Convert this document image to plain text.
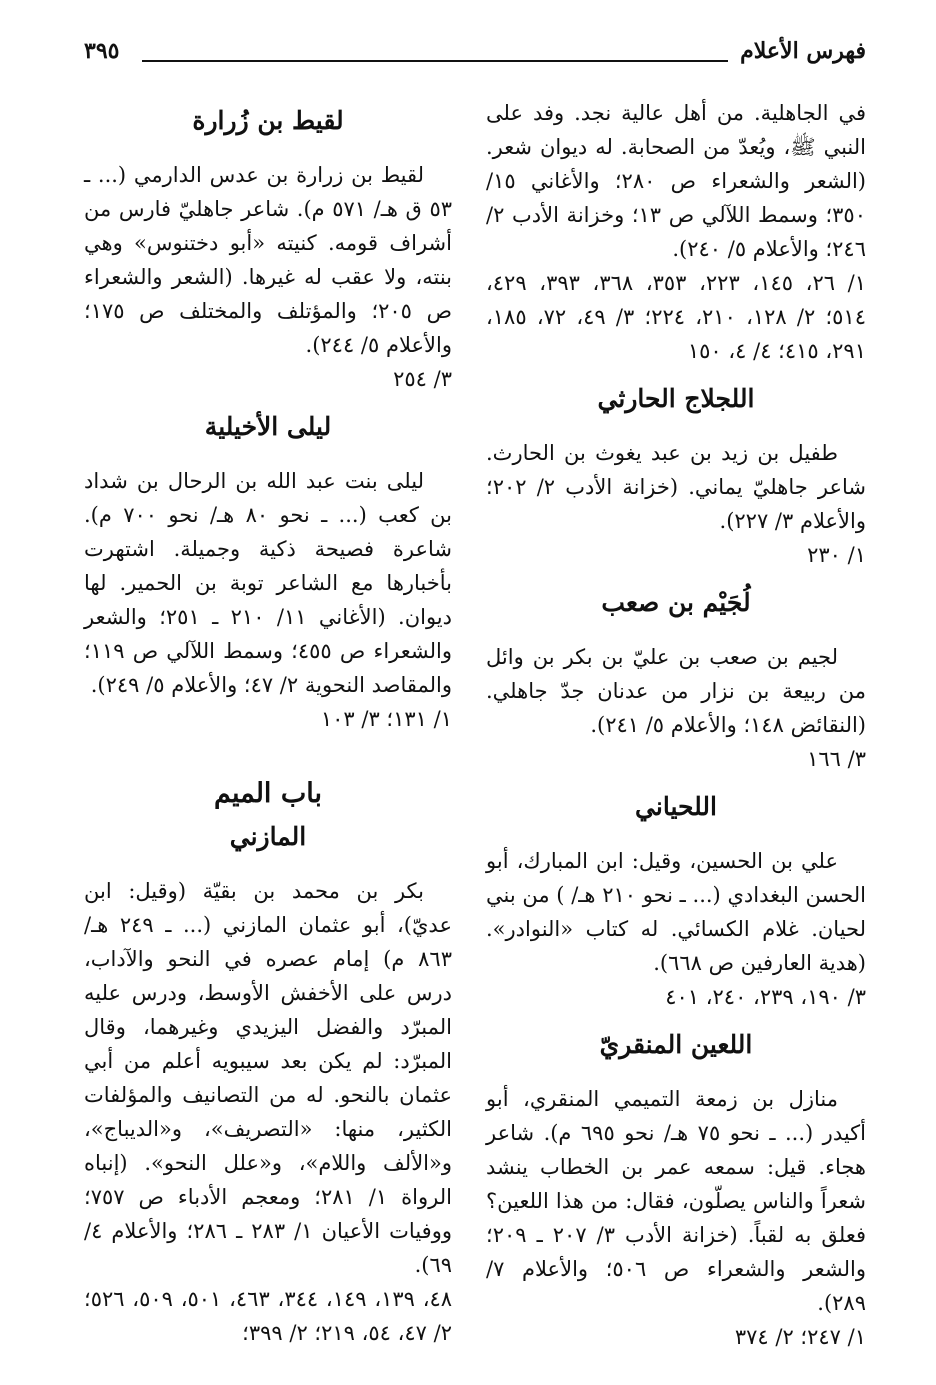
فهرس الأعلام
٣٩٥
في الجاهلية. من أهل عالية نجد. وفد على النبي ﷺ، ويُعدّ من الصحابة. له ديوان شعر. (الشعر والشعراء ص ٢٨٠؛ والأغاني ١٥/ ٣٥٠؛ وسمط اللآلي ص ١٣؛ وخزانة الأدب ٢/ ٢٤٦؛ والأعلام ٥/ ٢٤٠).
١/ ٢٦، ١٤٥، ٢٢٣، ٣٥٣، ٣٦٨، ٣٩٣، ٤٢٩، ٥١٤؛ ٢/ ١٢٨، ٢١٠، ٢٢٤؛ ٣/ ٤٩، ٧٢، ١٨٥، ٢٩١، ٤١٥؛ ٤/ ٤، ١٥٠
اللجلاج الحارثي
طفيل بن زيد بن عبد يغوث بن الحارث. شاعر جاهليّ يماني. (خزانة الأدب ٢/ ٢٠٢؛ والأعلام ٣/ ٢٢٧).
١/ ٢٣٠
لُجَيْم بن صعب
لجيم بن صعب بن عليّ بن بكر بن وائل من ربيعة بن نزار من عدنان جدّ جاهلي. (النقائض ١٤٨؛ والأعلام ٥/ ٢٤١).
٣/ ١٦٦
اللحياني
علي بن الحسين، وقيل: ابن المبارك، أبو الحسن البغدادي (... ـ نحو ٢١٠ هـ/ ) من بني لحيان. غلام الكسائي. له كتاب «النوادر». (هدية العارفين ص ٦٦٨).
٣/ ١٩٠، ٢٣٩، ٢٤٠، ٤٠١
اللعين المنقريّ
منازل بن زمعة التميمي المنقري، أبو أكيدر (... ـ نحو ٧٥ هـ/ نحو ٦٩٥ م). شاعر هجاء. قيل: سمعه عمر بن الخطاب ينشد شعراً والناس يصلّون، فقال: من هذا اللعين؟ فعلق به لقباً. (خزانة الأدب ٣/ ٢٠٧ ـ ٢٠٩؛ والشعر والشعراء ص ٥٠٦؛ والأعلام ٧/ ٢٨٩).
١/ ٢٤٧؛ ٢/ ٣٧٤
لقيط بن زُرارة
لقيط بن زرارة بن عدس الدارمي (... ـ ٥٣ ق هـ/ ٥٧١ م). شاعر جاهليّ فارس من أشراف قومه. كنيته «أبو دختنوس» وهي بنته، ولا عقب له غيرها. (الشعر والشعراء ص ٢٠٥؛ والمؤتلف والمختلف ص ١٧٥؛ والأعلام ٥/ ٢٤٤).
٣/ ٢٥٤
ليلى الأخيلية
ليلى بنت عبد الله بن الرحال بن شداد بن كعب (... ـ نحو ٨٠ هـ/ نحو ٧٠٠ م). شاعرة فصيحة ذكية وجميلة. اشتهرت بأخبارها مع الشاعر توبة بن الحمير. لها ديوان. (الأغاني ١١/ ٢١٠ ـ ٢٥١؛ والشعر والشعراء ص ٤٥٥؛ وسمط اللآلي ص ١١٩؛ والمقاصد النحوية ٢/ ٤٧؛ والأعلام ٥/ ٢٤٩).
١/ ١٣١؛ ٣/ ١٠٣
باب الميم
المازني
بكر بن محمد بن بقيّة (وقيل: ابن عديّ)، أبو عثمان المازني (... ـ ٢٤٩ هـ/ ٨٦٣ م) إمام عصره في النحو والآداب، درس على الأخفش الأوسط، ودرس عليه المبرّد والفضل اليزيدي وغيرهما، وقال المبرّد: لم يكن بعد سيبويه أعلم من أبي عثمان بالنحو. له من التصانيف والمؤلفات الكثير، منها: «التصريف»، و«الديباج»، و«الألف واللام»، و«علل النحو». (إنباه الرواة ١/ ٢٨١؛ ومعجم الأدباء ص ٧٥٧؛ ووفيات الأعيان ١/ ٢٨٣ ـ ٢٨٦؛ والأعلام ٤/ ٦٩).
٤٨، ١٣٩، ١٤٩، ٣٤٤، ٤٦٣، ٥٠١، ٥٠٩، ٥٢٦؛ ٢/ ٤٧، ٥٤، ٢١٩؛ ٢/ ٣٩٩؛
